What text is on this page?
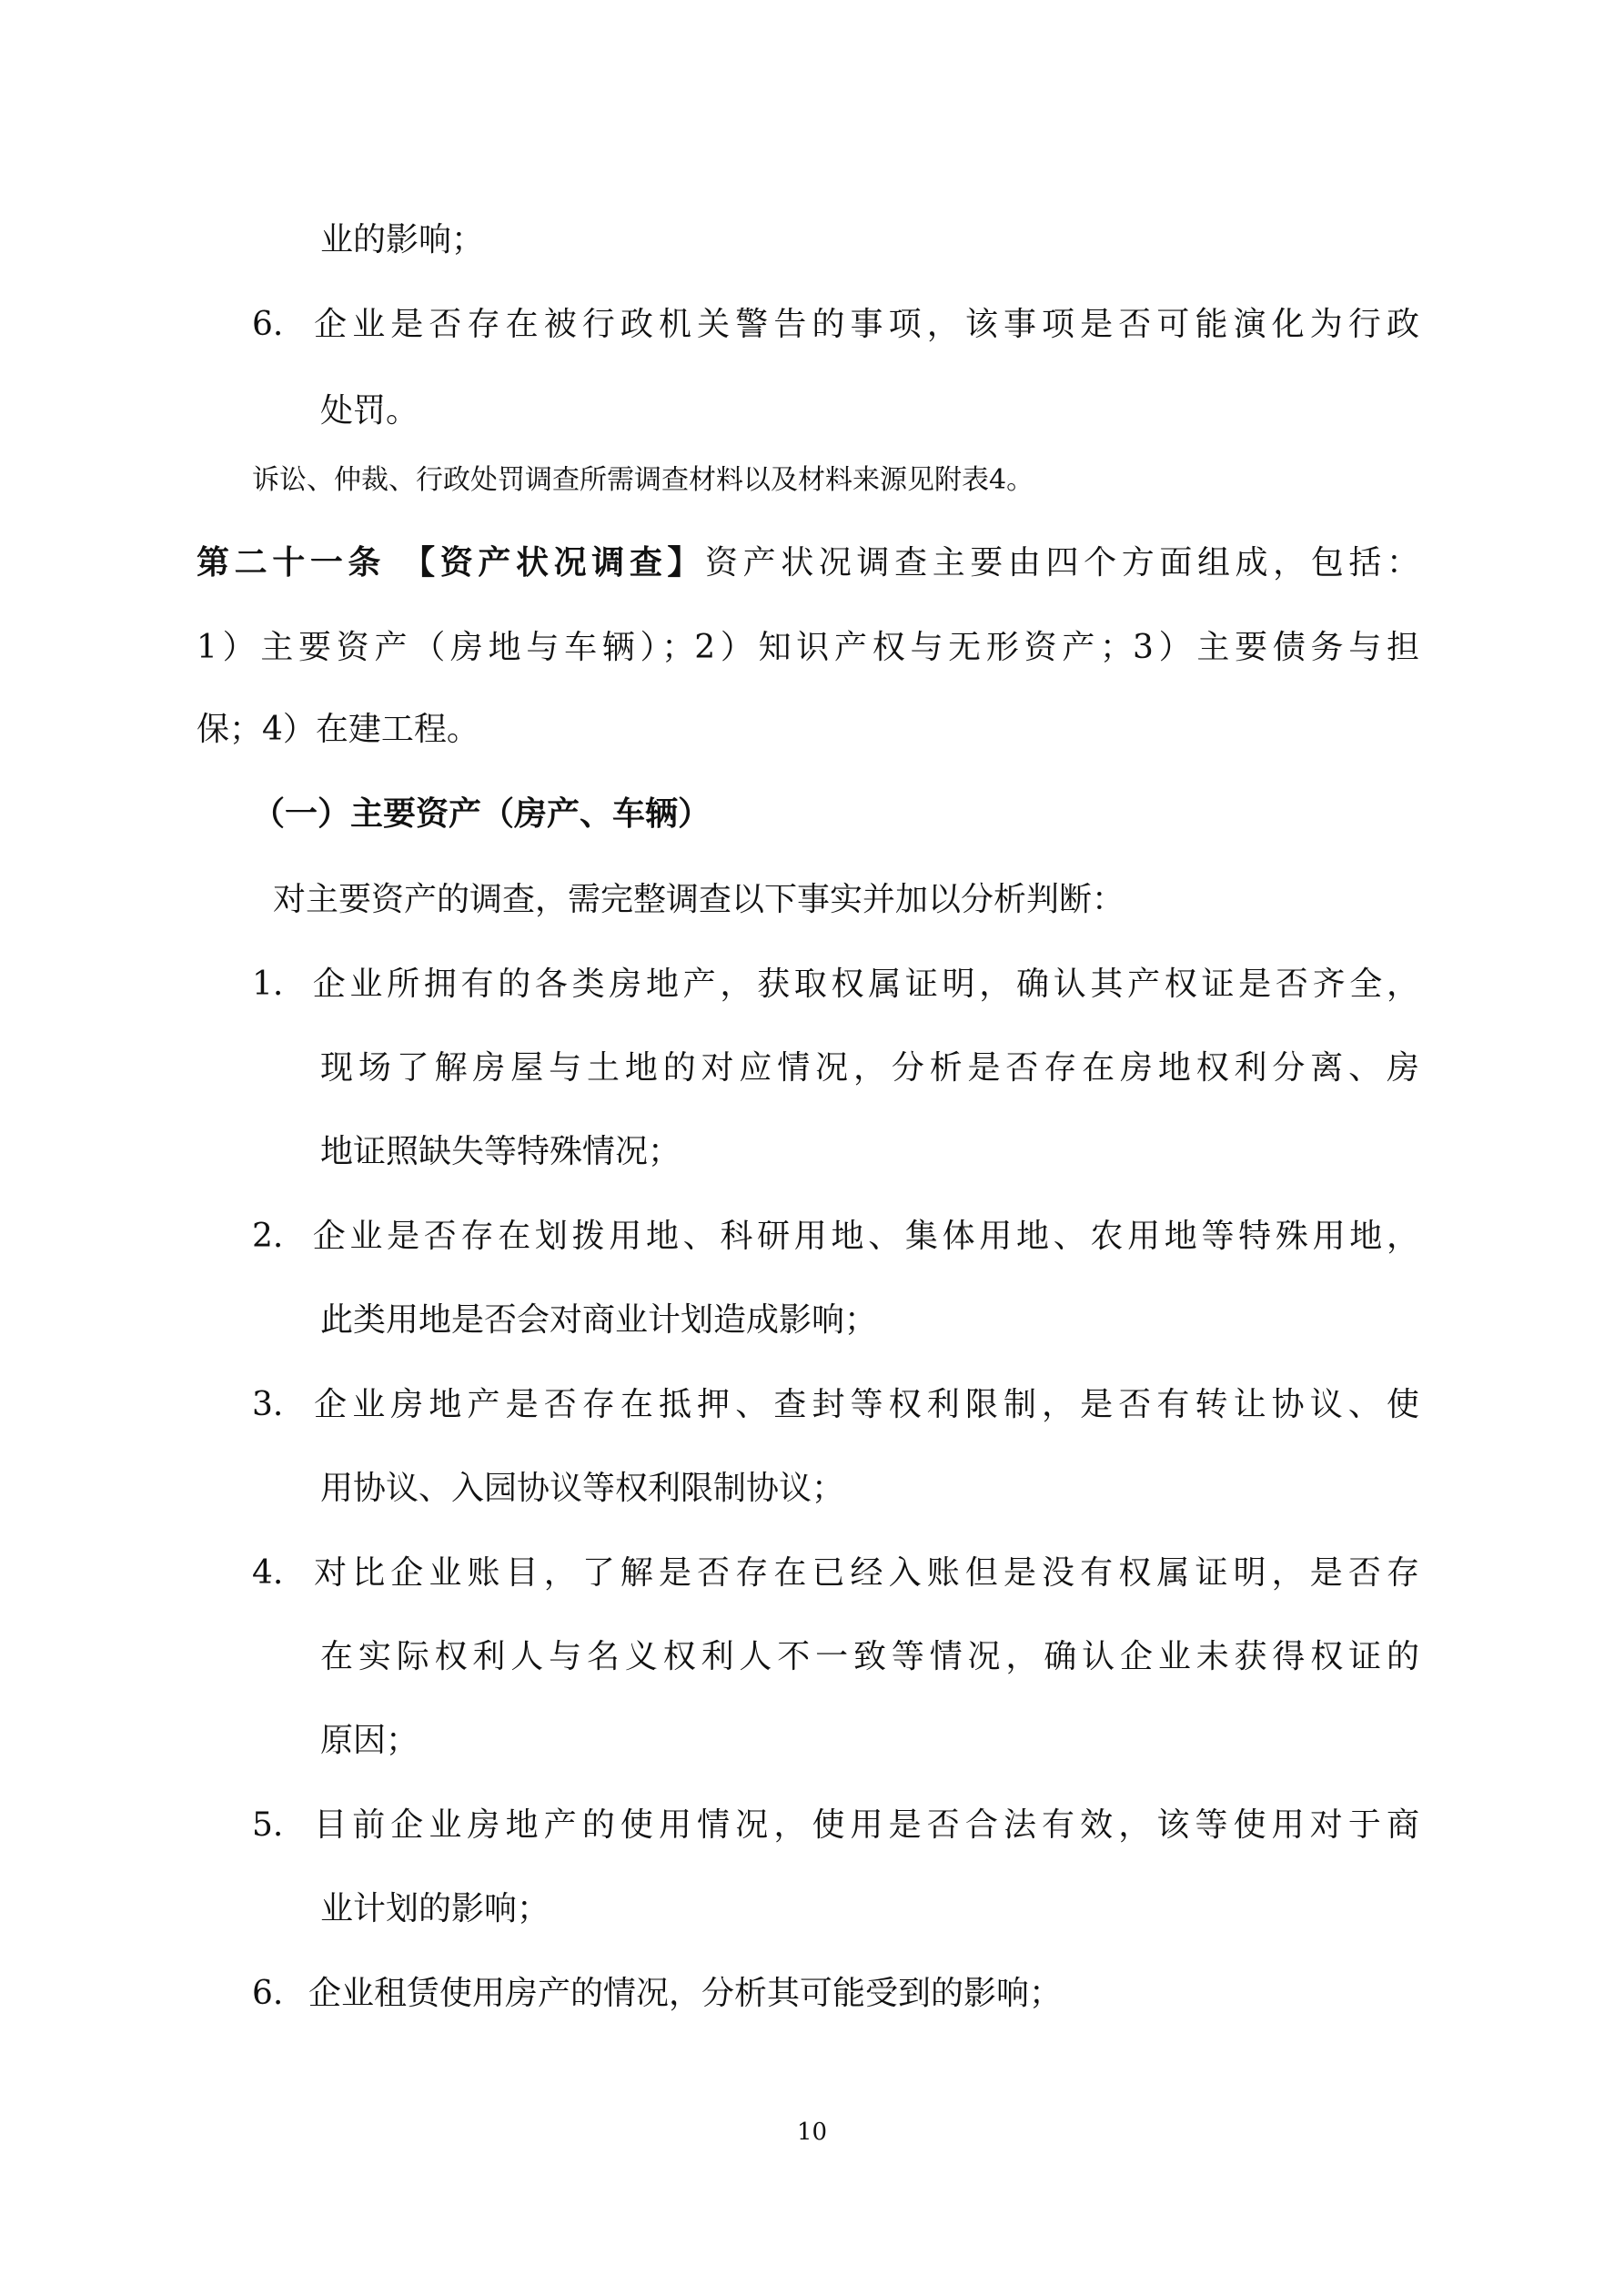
业的影响；

6. 企业是否存在被行政机关警告的事项，该事项是否可能演化为行政

处罚。

诉讼、仲裁、行政处罚调查所需调查材料以及材料来源见附表4。

第二十一条 【资产状况调查】资产状况调查主要由四个方面组成，包括：

1）主要资产（房地与车辆）；2）知识产权与无形资产；3）主要债务与担

保；4）在建工程。

（一）主要资产（房产、车辆）

对主要资产的调查，需完整调查以下事实并加以分析判断：

1. 企业所拥有的各类房地产，获取权属证明，确认其产权证是否齐全，

现场了解房屋与土地的对应情况，分析是否存在房地权利分离、房

地证照缺失等特殊情况；

2. 企业是否存在划拨用地、科研用地、集体用地、农用地等特殊用地，

此类用地是否会对商业计划造成影响；

3. 企业房地产是否存在抵押、查封等权利限制，是否有转让协议、使

用协议、入园协议等权利限制协议；

4. 对比企业账目，了解是否存在已经入账但是没有权属证明，是否存

在实际权利人与名义权利人不一致等情况，确认企业未获得权证的

原因；

5. 目前企业房地产的使用情况，使用是否合法有效，该等使用对于商

业计划的影响；

6. 企业租赁使用房产的情况，分析其可能受到的影响；

10
